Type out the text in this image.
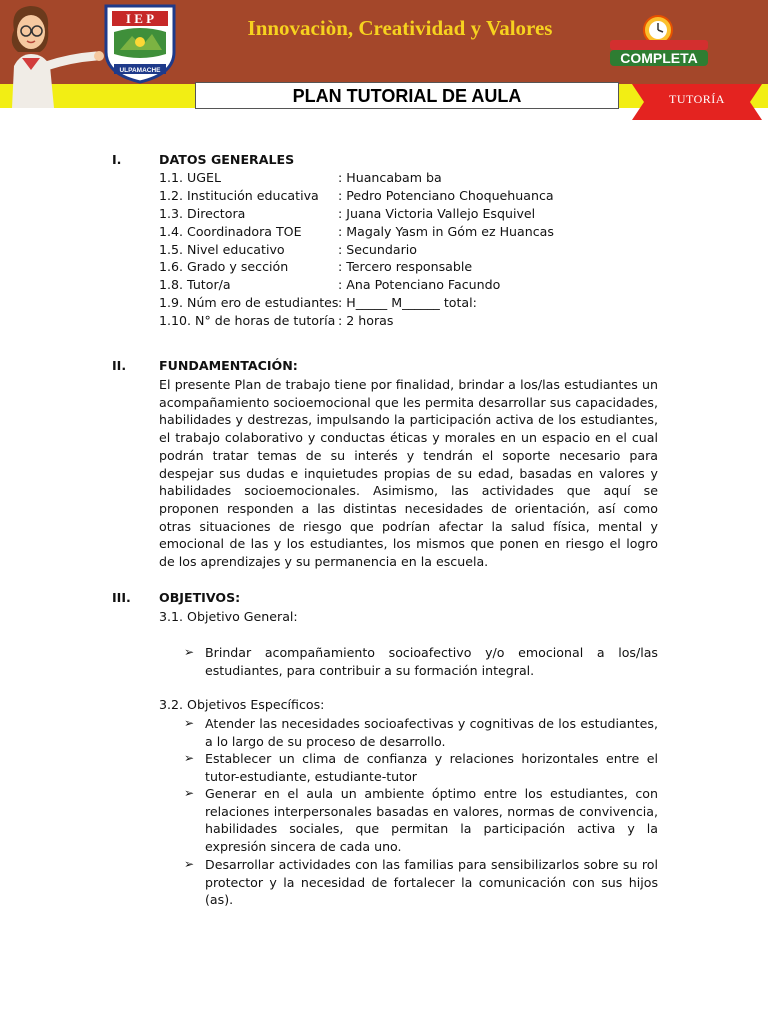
I E P
ULPAMACHE
Innovaciòn, Creatividad y Valores
COMPLETA
PLAN TUTORIAL DE AULA	TUTORÍA
I.	DATOS GENERALES
1.1. UGEL	: Huancabam ba
1.2. Institución educativa : Pedro Potenciano Choquehuanca
1.3. Directora	: Juana Victoria Vallejo Esquivel
1.4. Coordinadora TOE	: Magaly Yasm in Góm ez Huancas
1.5. Nivel educativo	: Secundario
1.6. Grado y sección	: Tercero responsable
1.8. Tutor/a	: Ana Potenciano Facundo
1.9. Núm ero de estudiantes : H_____ M______ total:
1.10. N° de horas de tutoría : 2 horas
II.	FUNDAMENTACIÓN:
El presente Plan de trabajo tiene por finalidad, brindar a los/las estudiantes un acompañamiento socioemocional que les permita desarrollar sus capacidades, habilidades y destrezas, impulsando la participación activa de los estudiantes, el trabajo colaborativo y conductas éticas y morales en un espacio en el cual podrán tratar temas de su interés y tendrán el soporte necesario para despejar sus dudas e inquietudes propias de su edad, basadas en valores y habilidades socioemocionales. Asimismo, las actividades que aquí se proponen responden a las distintas necesidades de orientación, así como otras situaciones de riesgo que podrían afectar la salud física, mental y emocional de las y los estudiantes, los mismos que ponen en riesgo el logro de los aprendizajes y su permanencia en la escuela.
III. OBJETIVOS:
3.1. Objetivo General:
➢ Brindar acompañamiento socioafectivo y/o emocional a los/las estudiantes, para contribuir a su formación integral.
3.2. Objetivos Específicos:
➢ Atender las necesidades socioafectivas y cognitivas de los estudiantes, a lo largo de su proceso de desarrollo.
➢ Establecer un clima de confianza y relaciones horizontales entre el tutor-estudiante, estudiante-tutor
➢ Generar en el aula un ambiente óptimo entre los estudiantes, con relaciones interpersonales basadas en valores, normas de convivencia, habilidades sociales, que permitan la participación activa y la expresión sincera de cada uno.
➢ Desarrollar actividades con las familias para sensibilizarlos sobre su rol protector y la necesidad de fortalecer la comunicación con sus hijos (as).
